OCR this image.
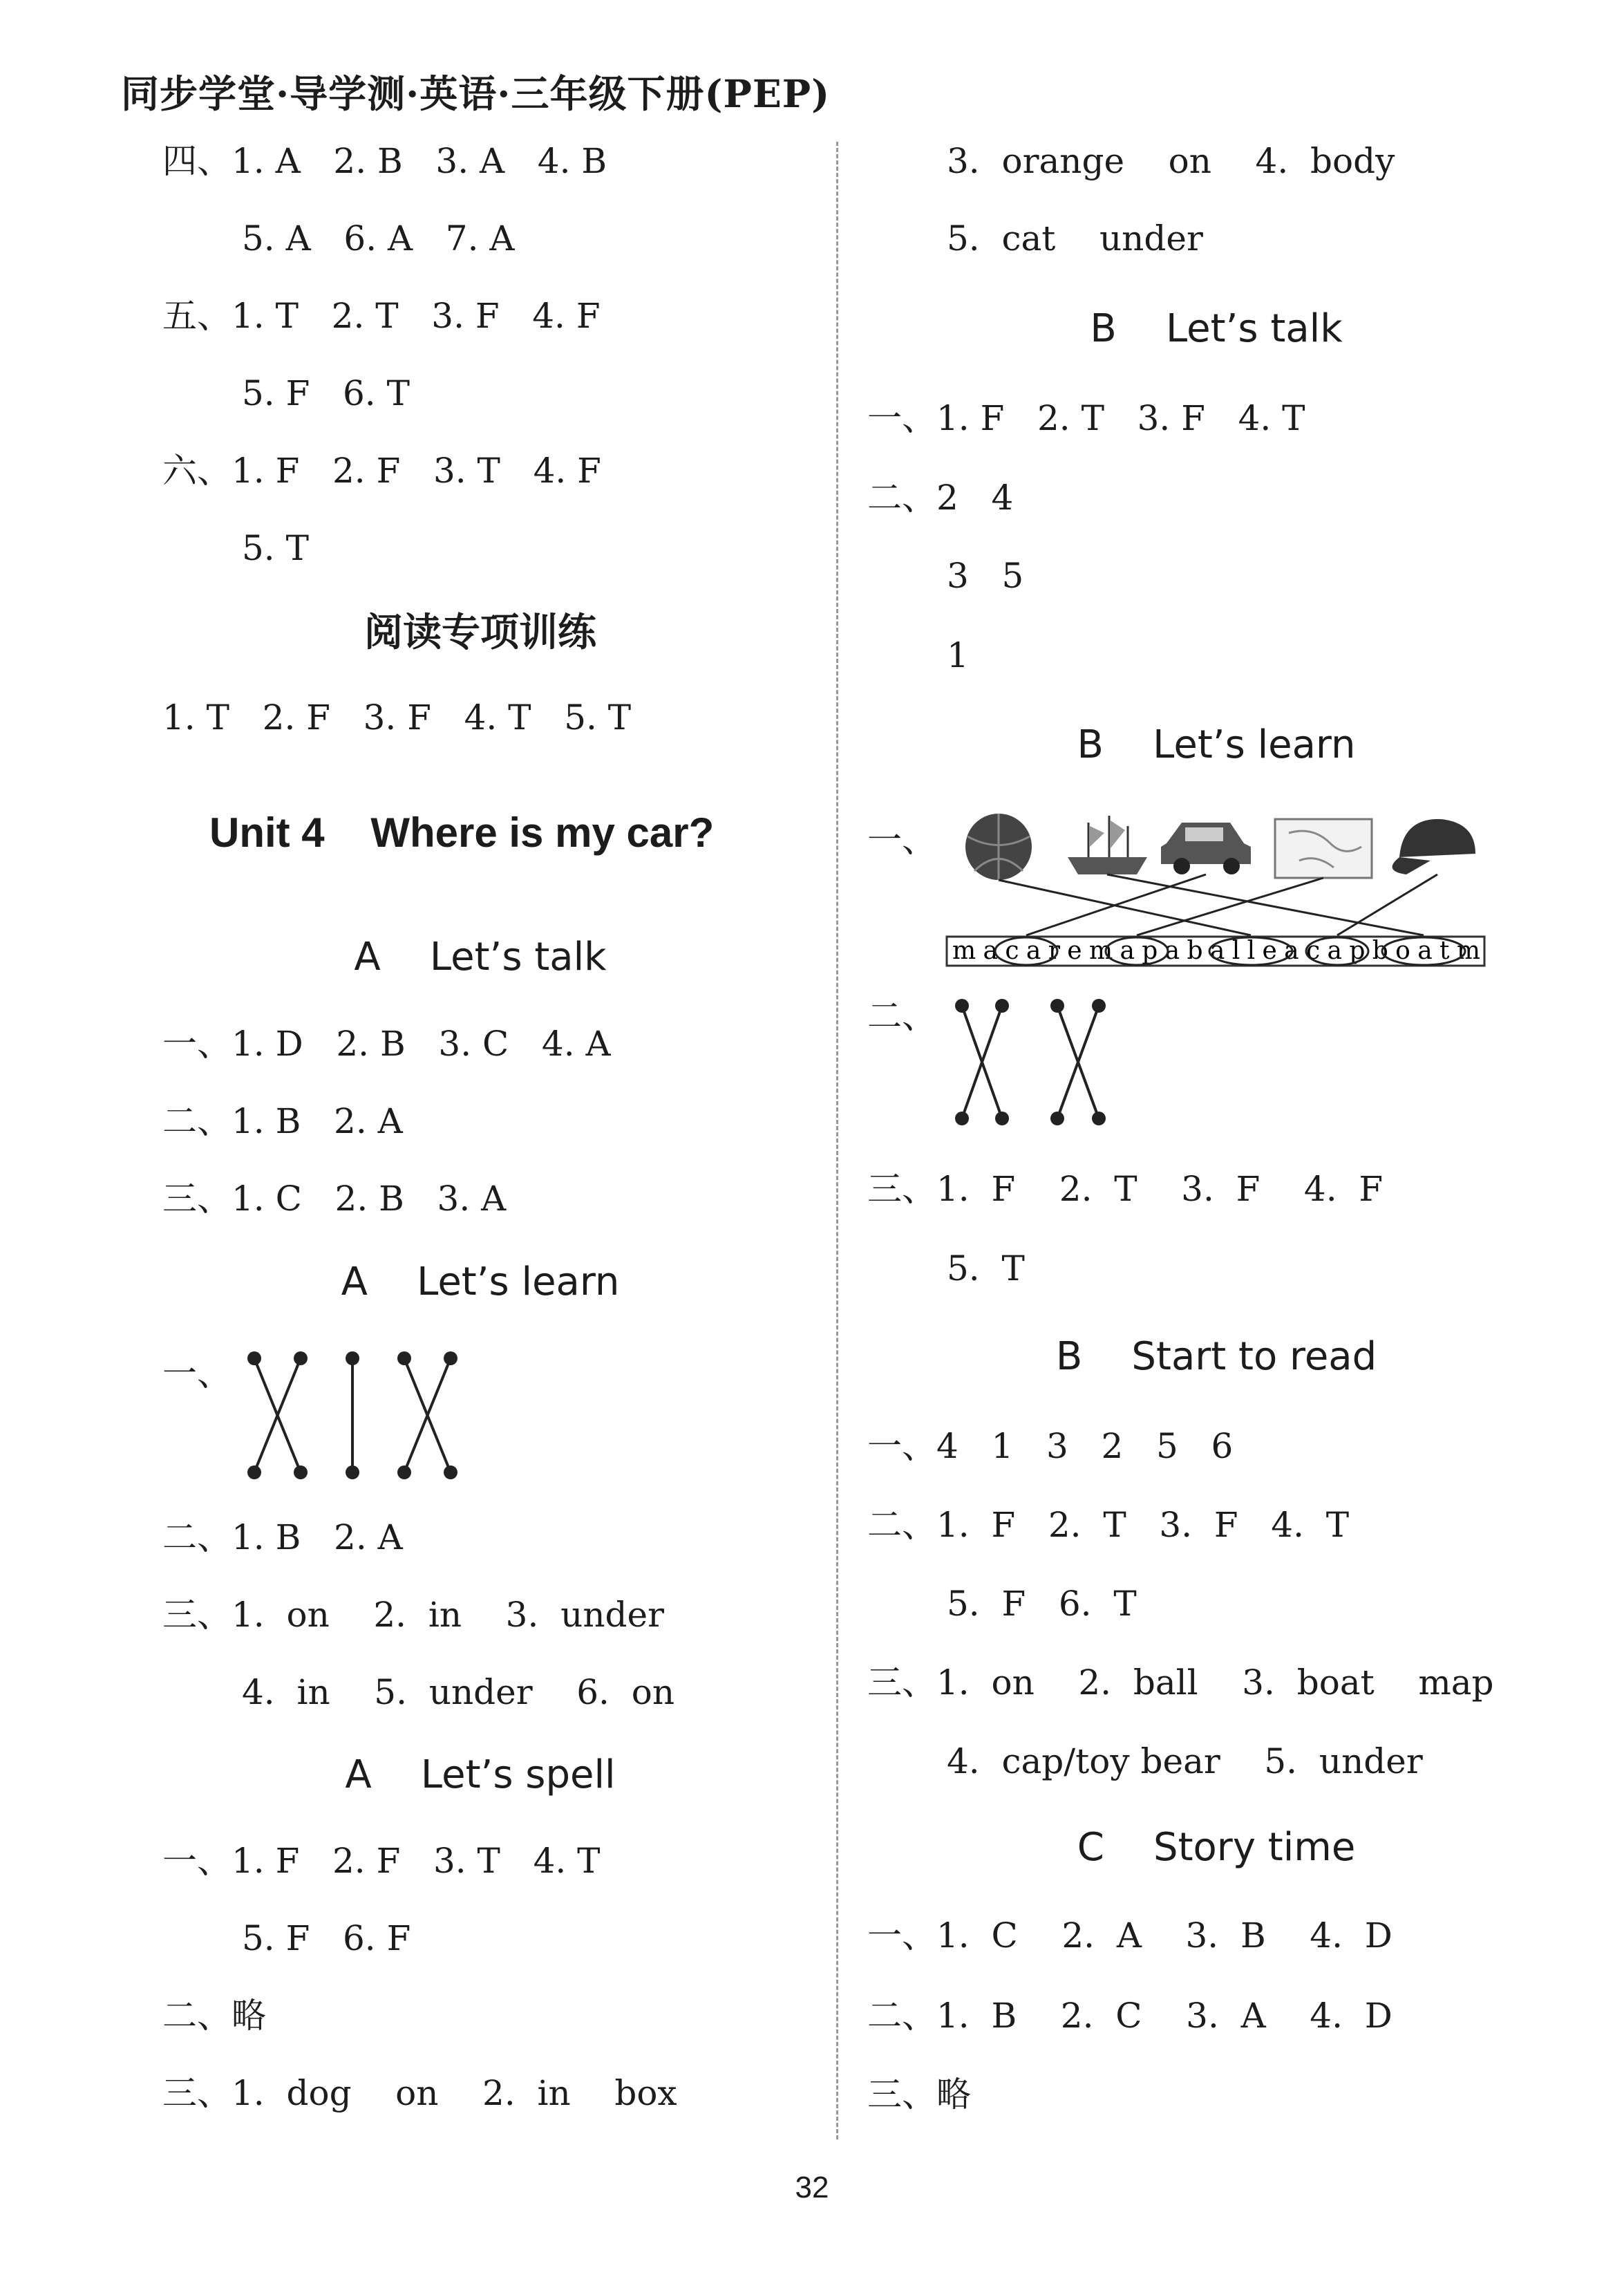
同步学堂·导学测·英语·三年级下册(PEP)
四、1. A   2. B   3. A   4. B
5. A   6. A   7. A
五、1. T   2. T   3. F   4. F
5. F   6. T
六、1. F   2. F   3. T   4. F
5. T
阅读专项训练
1. T   2. F   3. F   4. T   5. T
Unit 4    Where is my car?
A    Let’s talk
一、1. D   2. B   3. C   4. A
二、1. B   2. A
三、1. C   2. B   3. A
A    Let’s learn
一、
二、1. B   2. A
三、1.  on    2.  in    3.  under
4.  in    5.  under    6.  on
A    Let’s spell
一、1. F   2. F   3. T   4. T
5. F   6. F
二、略
三、1.  dog    on    2.  in    box
3.  orange    on    4.  body
5.  cat    under
B    Let’s talk
一、1. F   2. T   3. F   4. T
二、2   4
3   5
1
B    Let’s learn
一、
macaremapaballeacapboatm
二、
三、1.  F    2.  T    3.  F    4.  F
5.  T
B    Start to read
一、4   1   3   2   5   6
二、1.  F   2.  T   3.  F   4.  T
5.  F   6.  T
三、1.  on    2.  ball    3.  boat    map
4.  cap/toy bear    5.  under
C    Story time
一、1.  C    2.  A    3.  B    4.  D
二、1.  B    2.  C    3.  A    4.  D
三、略
32
